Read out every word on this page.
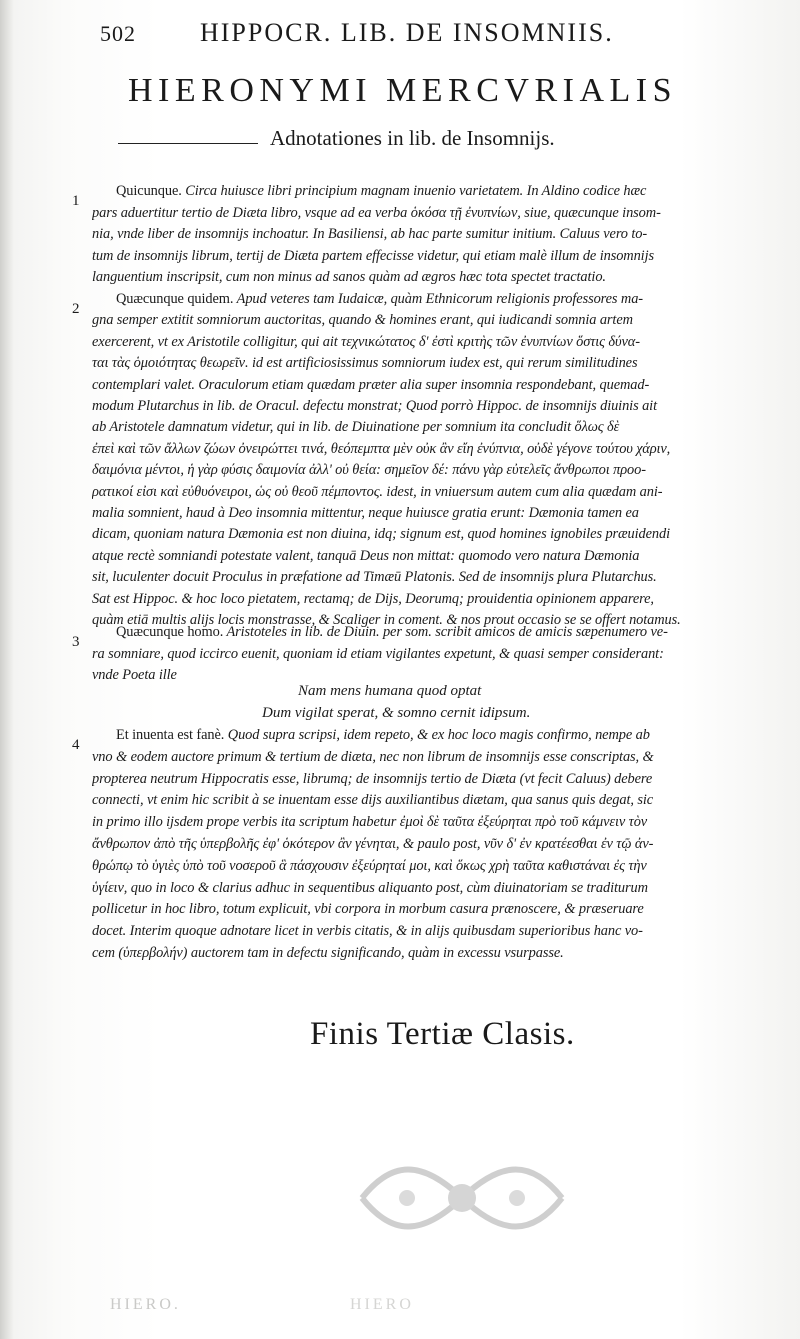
502	HIPPOCR. LIB. DE INSOMNIIS.
HIERONYMI MERCVRIALIS
Adnotationes in lib. de Insomnijs.
1
Quicunque. Circa huiusce libri principium magnam inuenio varietatem. In Aldino codice hæc
pars aduertitur tertio de Diæta libro, vsque ad ea verba ὁκόσα τῇ ἐνυπνίων, siue, quæcunque insom-
nia, vnde liber de insomnijs inchoatur. In Basiliensi, ab hac parte sumitur initium. Caluus vero to-
tum de insomnijs librum, tertij de Diæta partem effecisse videtur, qui etiam malè illum de insomnijs
languentium inscripsit, cum non minus ad sanos quàm ad ægros hæc tota spectet tractatio.
2
Quæcunque quidem. Apud veteres tam Iudaicæ, quàm Ethnicorum religionis professores ma-
gna semper extitit somniorum auctoritas, quando & homines erant, qui iudicandi somnia artem
exercerent, vt ex Aristotile colligitur, qui ait τεχνικώτατος δ' ἐστὶ κριτὴς τῶν ἐνυπνίων ὅστις δύνα-
ται τὰς ὁμοιότητας θεωρεῖν. id est artificiosissimus somniorum iudex est, qui rerum similitudines
contemplari valet. Oraculorum etiam quædam præter alia super insomnia respondebant, quemad-
modum Plutarchus in lib. de Oracul. defectu monstrat; Quod porrò Hippoc. de insomnijs diuinis ait
ab Aristotele damnatum videtur, qui in lib. de Diuinatione per somnium ita concludit ὅλως δὲ
ἐπεὶ καὶ τῶν ἄλλων ζώων ὀνειρώττει τινά, θεόπεμπτα μὲν οὐκ ἂν εἴη ἐνύπνια, οὐδὲ γέγονε τούτου χάριν,
δαιμόνια μέντοι, ἡ γὰρ φύσις δαιμονία ἀλλ' οὐ θεία: σημεῖον δέ: πάνυ γὰρ εὐτελεῖς ἄνθρωποι προο-
ρατικοί εἰσι καὶ εὐθυόνειροι, ὡς οὐ θεοῦ πέμποντος. idest, in vniuersum autem cum alia quædam ani-
malia somnient, haud à Deo insomnia mittentur, neque huiusce gratia erunt: Dæmonia tamen ea
dicam, quoniam natura Dæmonia est non diuina, idq; signum est, quod homines ignobiles præuidendi
atque rectè somniandi potestate valent, tanquā Deus non mittat: quomodo vero natura Dæmonia
sit, luculenter docuit Proculus in præfatione ad Timæū Platonis. Sed de insomnijs plura Plutarchus.
Sat est Hippoc. & hoc loco pietatem, rectamq; de Dijs, Deorumq; prouidentia opinionem apparere,
quàm etiā multis alijs locis monstrasse, & Scaliger in coment. & nos prout occasio se se offert notamus.
3
Quæcunque homo. Aristoteles in lib. de Diuin. per som. scribit amicos de amicis sæpenumero ve-
ra somniare, quod iccirco euenit, quoniam id etiam vigilantes expetunt, & quasi semper considerant:
vnde Poeta ille
4
Et inuenta est fanè. Quod supra scripsi, idem repeto, & ex hoc loco magis confirmo, nempe ab
vno & eodem auctore primum & tertium de diæta, nec non librum de insomnijs esse conscriptas, &
propterea neutrum Hippocratis esse, librumq; de insomnijs tertio de Diæta (vt fecit Caluus) debere
connecti, vt enim hic scribit à se inuentam esse dijs auxiliantibus diætam, qua sanus quis degat, sic
in primo illo ijsdem prope verbis ita scriptum habetur ἐμοὶ δὲ ταῦτα ἐξεύρηται πρὸ τοῦ κάμνειν τὸν
ἄνθρωπον ἀπὸ τῆς ὑπερβολῆς ἐφ' ὁκότερον ἂν γένηται, & paulo post, νῦν δ' ἐν κρατέεσθαι ἐν τῷ ἀν-
θρώπῳ τὸ ὑγιὲς ὑπὸ τοῦ νοσεροῦ ἃ πάσχουσιν ἐξεύρηταί μοι, καὶ ὅκως χρὴ ταῦτα καθιστάναι ἐς τὴν
ὑγίειν, quo in loco & clarius adhuc in sequentibus aliquanto post, cùm diuinatoriam se traditurum
pollicetur in hoc libro, totum explicuit, vbi corpora in morbum casura prænoscere, & præseruare
docet. Interim quoque adnotare licet in verbis citatis, & in alijs quibusdam superioribus hanc vo-
cem (ὑπερβολήν) auctorem tam in defectu significando, quàm in excessu vsurpasse.
Nam mens humana quod optat
Dum vigilat sperat, & somno cernit idipsum.
Finis Tertiæ Clasis.
HIERO.	HIERO
